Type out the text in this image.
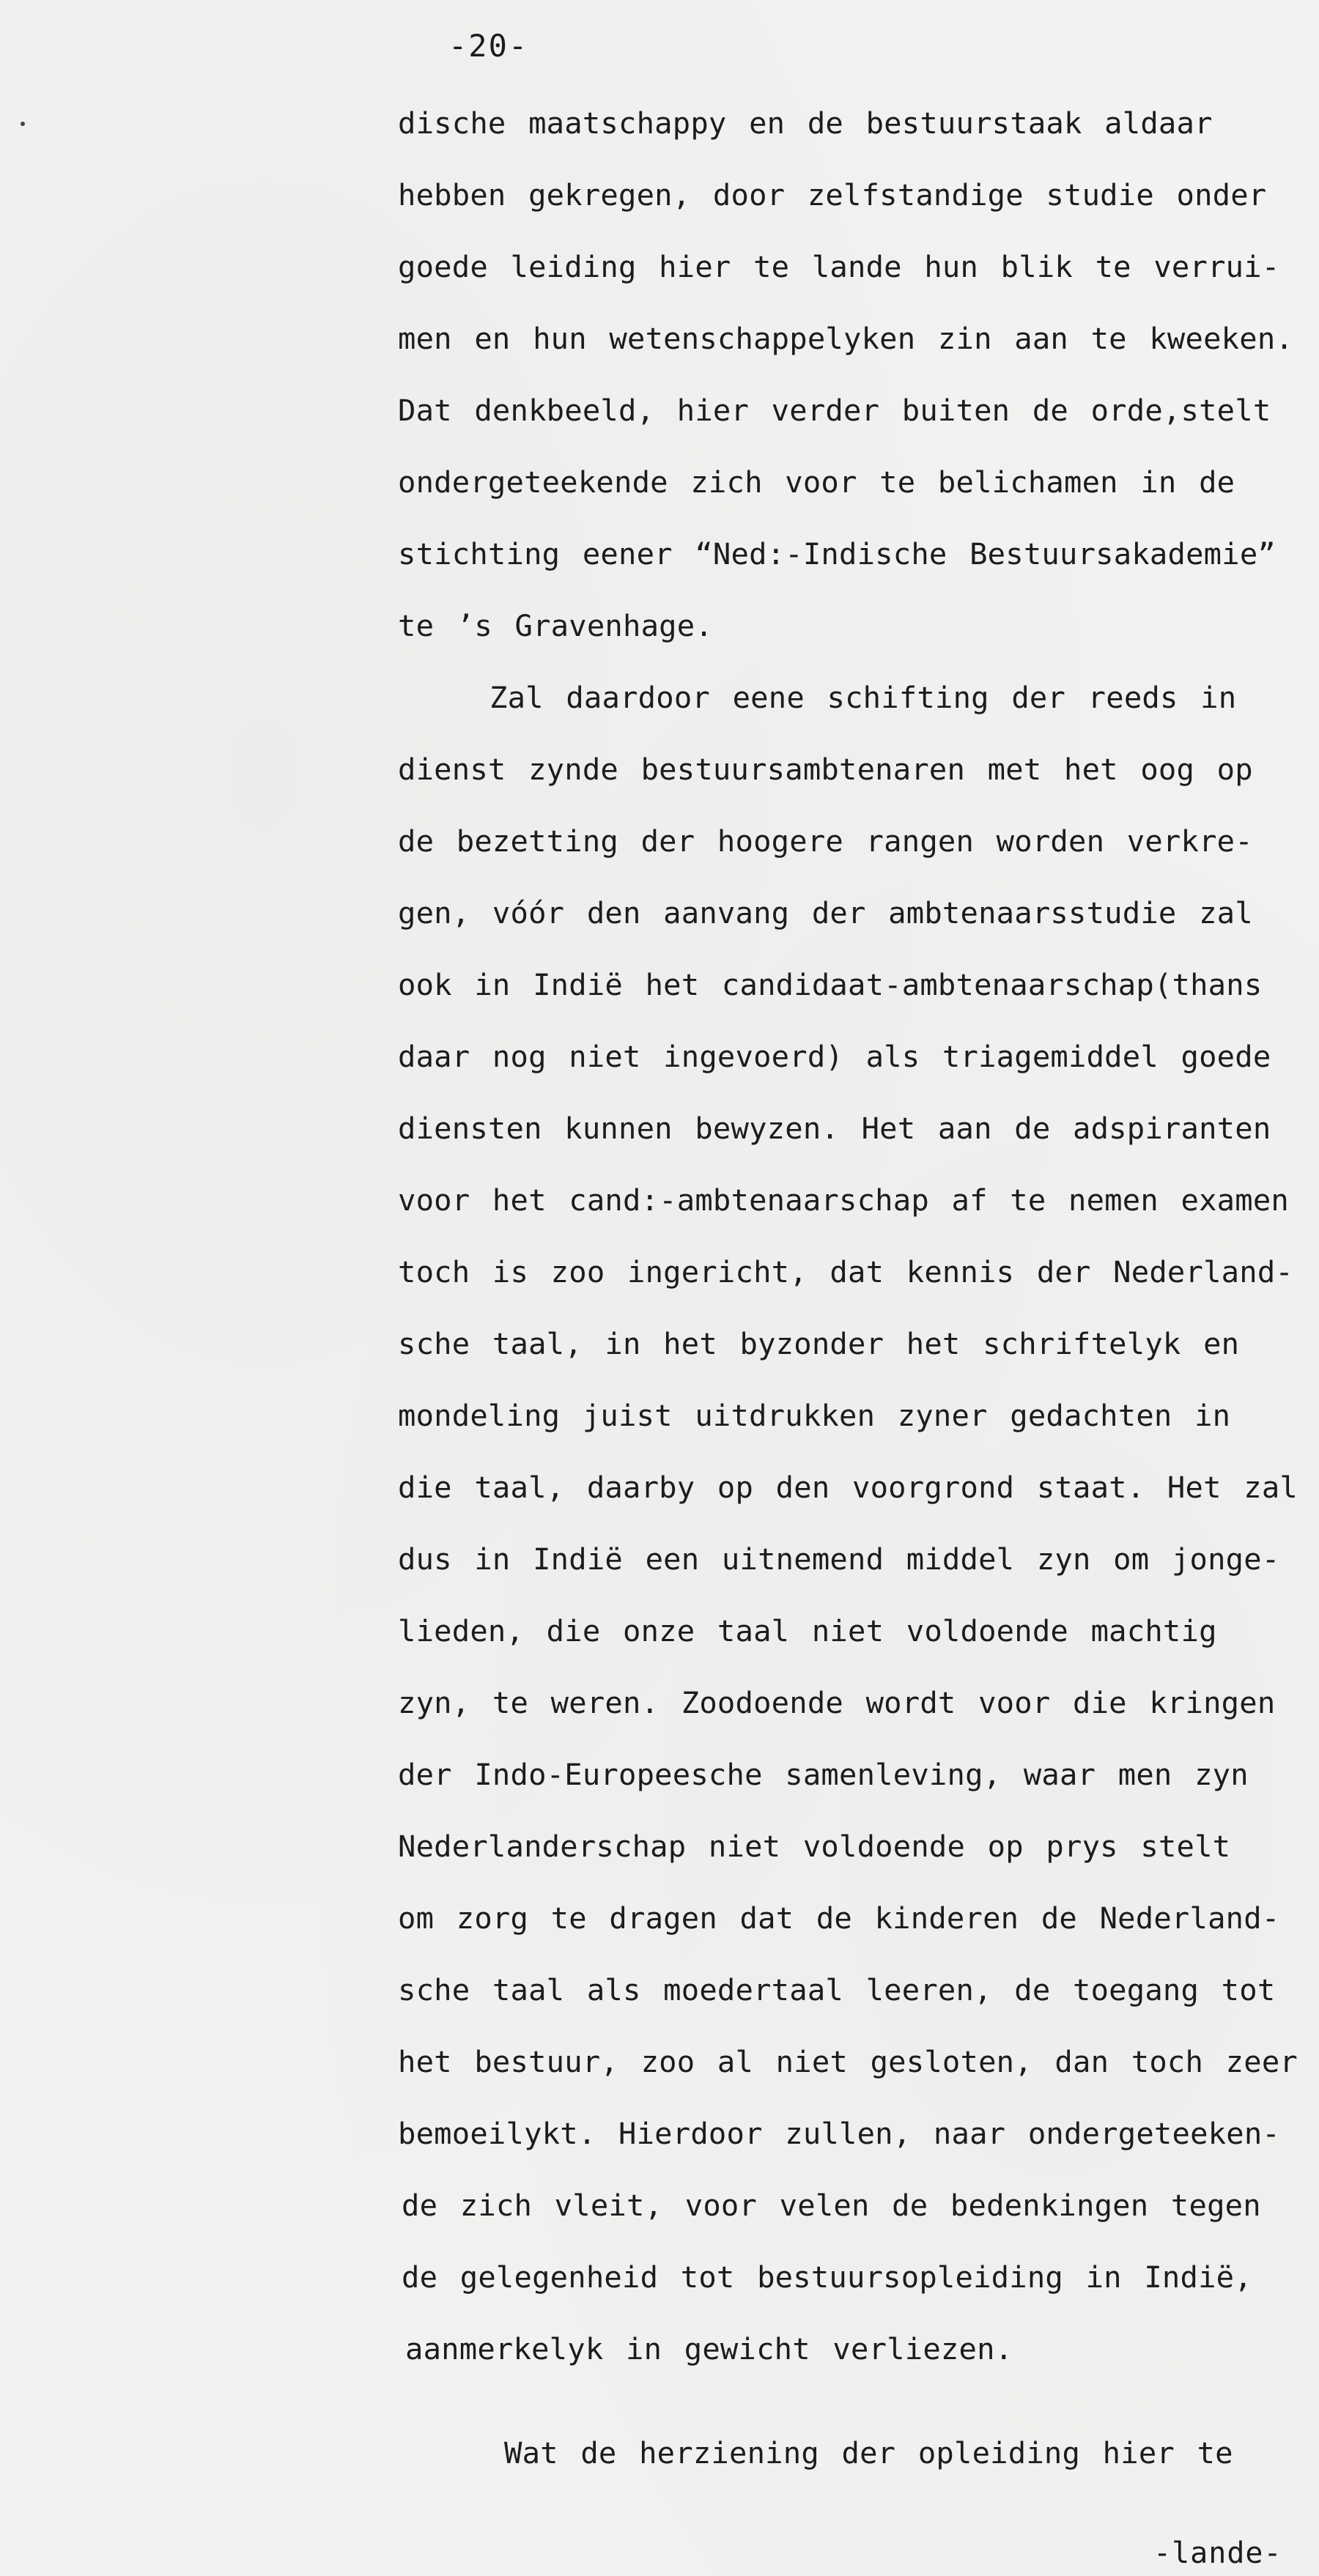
-20-
dische maatschappy en de bestuurstaak aldaar
hebben gekregen, door zelfstandige studie onder
goede leiding hier te lande hun blik te verrui-
men en hun wetenschappelyken zin aan te kweeken.
Dat denkbeeld, hier verder buiten de orde,stelt
ondergeteekende zich voor te belichamen in de
stichting eener “Ned:-Indische Bestuursakademie”
te ’s Gravenhage.
Zal daardoor eene schifting der reeds in
dienst zynde bestuursambtenaren met het oog op
de bezetting der hoogere rangen worden verkre-
gen, vóór den aanvang der ambtenaarsstudie zal
ook in Indië het candidaat-ambtenaarschap(thans
daar nog niet ingevoerd) als triagemiddel goede
diensten kunnen bewyzen. Het aan de adspiranten
voor het cand:-ambtenaarschap af te nemen examen
toch is zoo ingericht, dat kennis der Nederland-
sche taal, in het byzonder het schriftelyk en
mondeling juist uitdrukken zyner gedachten in
die taal, daarby op den voorgrond staat. Het zal
dus in Indië een uitnemend middel zyn om jonge-
lieden, die onze taal niet voldoende machtig
zyn, te weren. Zoodoende wordt voor die kringen
der Indo-Europeesche samenleving, waar men zyn
Nederlanderschap niet voldoende op prys stelt
om zorg te dragen dat de kinderen de Nederland-
sche taal als moedertaal leeren, de toegang tot
het bestuur, zoo al niet gesloten, dan toch zeer
bemoeilykt. Hierdoor zullen, naar ondergeteeken-
de zich vleit, voor velen de bedenkingen tegen
de gelegenheid tot bestuursopleiding in Indië,
aanmerkelyk in gewicht verliezen.
Wat de herziening der opleiding hier te
-lande-
